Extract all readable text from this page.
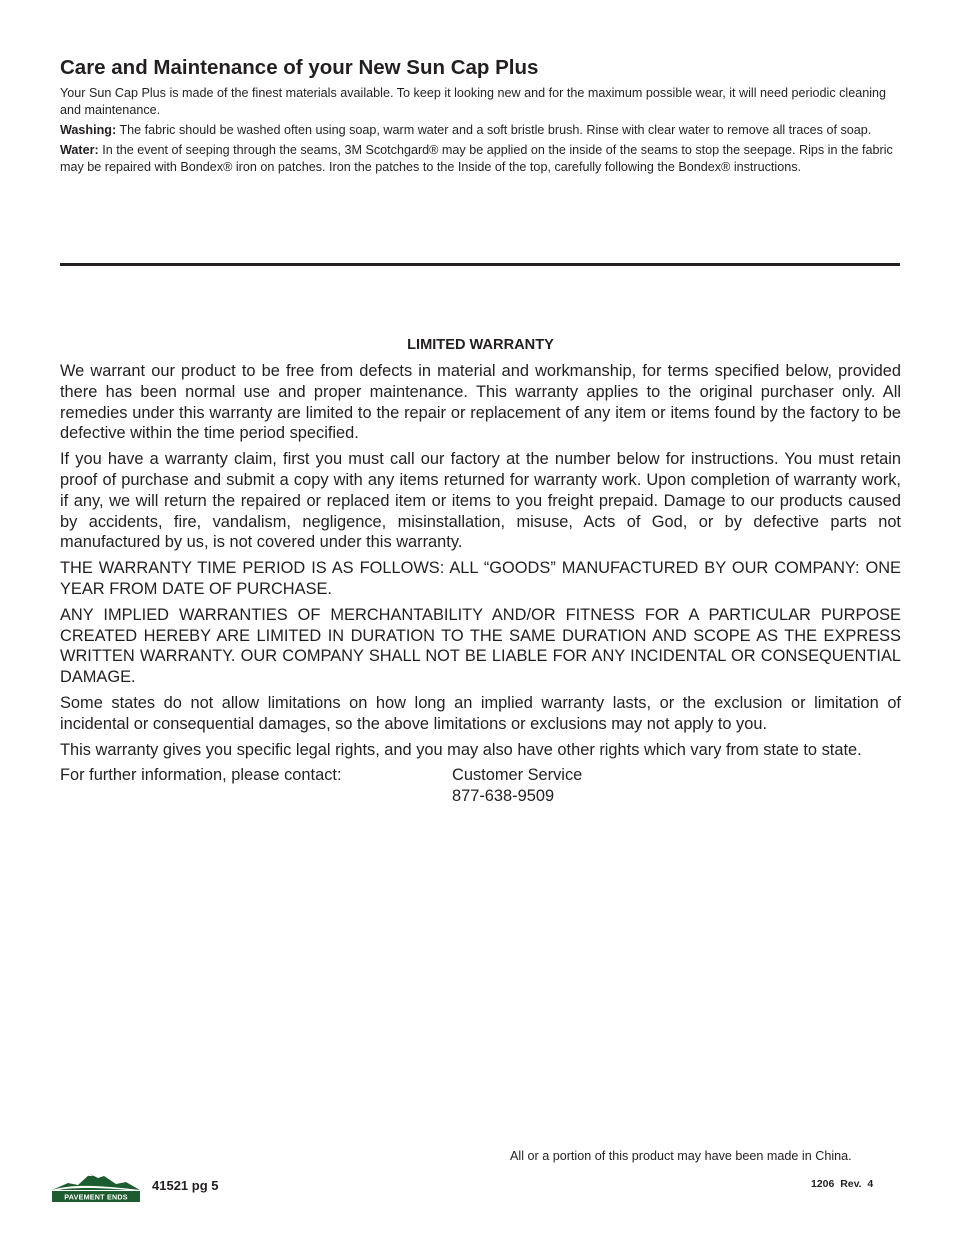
Care and Maintenance of your New Sun Cap Plus

Your Sun Cap Plus is made of the finest materials available. To keep it looking new and for the maximum possible wear, it will need periodic cleaning and maintenance.

Washing: The fabric should be washed often using soap, warm water and a soft bristle brush. Rinse with clear water to remove all traces of soap.

Water: In the event of seeping through the seams, 3M Scotchgard® may be applied on the inside of the seams to stop the seepage. Rips in the fabric may be repaired with Bondex® iron on patches. Iron the patches to the Inside of the top, carefully following the Bondex® instructions.

LIMITED WARRANTY

We warrant our product to be free from defects in material and workmanship, for terms specified below, provided there has been normal use and proper maintenance. This warranty applies to the original purchaser only. All remedies under this warranty are limited to the repair or replacement of any item or items found by the factory to be defective within the time period specified.

If you have a warranty claim, first you must call our factory at the number below for instructions. You must retain proof of purchase and submit a copy with any items returned for warranty work. Upon completion of warranty work, if any, we will return the repaired or replaced item or items to you freight prepaid. Damage to our products caused by accidents, fire, vandalism, negligence, misinstallation, misuse, Acts of God, or by defective parts not manufactured by us, is not covered under this warranty.

THE WARRANTY TIME PERIOD IS AS FOLLOWS: ALL “GOODS” MANUFACTURED BY OUR COMPANY: ONE YEAR FROM DATE OF PURCHASE.

ANY IMPLIED WARRANTIES OF MERCHANTABILITY AND/OR FITNESS FOR A PARTICULAR PURPOSE CREATED HEREBY ARE LIMITED IN DURATION TO THE SAME DURATION AND SCOPE AS THE EXPRESS WRITTEN WARRANTY. OUR COMPANY SHALL NOT BE LIABLE FOR ANY INCIDENTAL OR CONSEQUENTIAL DAMAGE.

Some states do not allow limitations on how long an implied warranty lasts, or the exclusion or limitation of incidental or consequential damages, so the above limitations or exclusions may not apply to you.

This warranty gives you specific legal rights, and you may also have other rights which vary from state to state.

For further information, please contact:	Customer Service
877-638-9509
All or a portion of this product may have been made in China.
PAVEMENT ENDS
41521 pg 5	1206  Rev.  4
